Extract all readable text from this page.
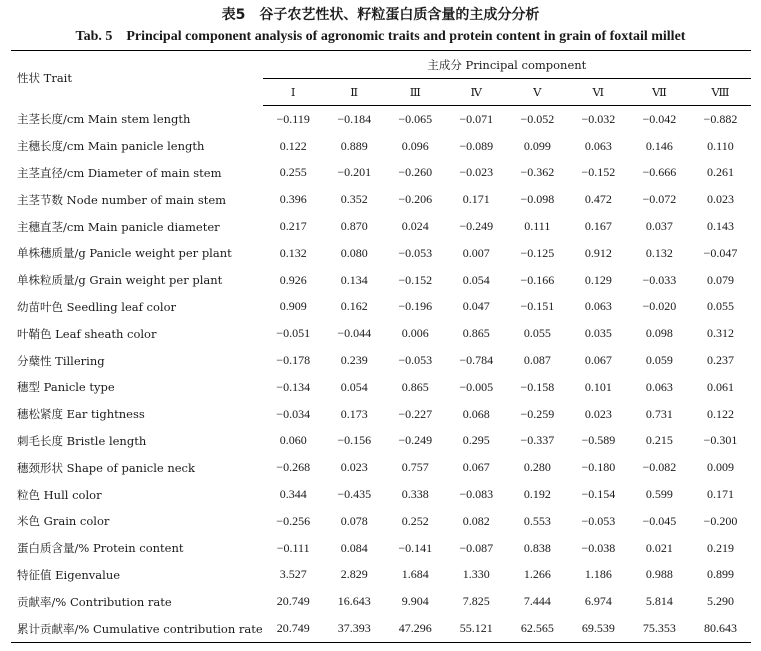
表5　谷子农艺性状、籽粒蛋白质含量的主成分分析
Tab. 5　Principal component analysis of agronomic traits and protein content in grain of foxtail millet
性状 Trait	主成分 Principal component							
	Ⅰ	Ⅱ	Ⅲ	Ⅳ	Ⅴ	Ⅵ	Ⅶ	Ⅷ
主茎长度/cm Main stem length	−0.119	−0.184	−0.065	−0.071	−0.052	−0.032	−0.042	−0.882
主穗长度/cm Main panicle length	0.122	0.889	0.096	−0.089	0.099	0.063	0.146	0.110
主茎直径/cm Diameter of main stem	0.255	−0.201	−0.260	−0.023	−0.362	−0.152	−0.666	0.261
主茎节数 Node number of main stem	0.396	0.352	−0.206	0.171	−0.098	0.472	−0.072	0.023
主穗直茎/cm Main panicle diameter	0.217	0.870	0.024	−0.249	0.111	0.167	0.037	0.143
单株穗质量/g Panicle weight per plant	0.132	0.080	−0.053	0.007	−0.125	0.912	0.132	−0.047
单株粒质量/g Grain weight per plant	0.926	0.134	−0.152	0.054	−0.166	0.129	−0.033	0.079
幼苗叶色 Seedling leaf color	0.909	0.162	−0.196	0.047	−0.151	0.063	−0.020	0.055
叶鞘色 Leaf sheath color	−0.051	−0.044	0.006	0.865	0.055	0.035	0.098	0.312
分蘖性 Tillering	−0.178	0.239	−0.053	−0.784	0.087	0.067	0.059	0.237
穗型 Panicle type	−0.134	0.054	0.865	−0.005	−0.158	0.101	0.063	0.061
穗松紧度 Ear tightness	−0.034	0.173	−0.227	0.068	−0.259	0.023	0.731	0.122
刺毛长度 Bristle length	0.060	−0.156	−0.249	0.295	−0.337	−0.589	0.215	−0.301
穗颈形状 Shape of panicle neck	−0.268	0.023	0.757	0.067	0.280	−0.180	−0.082	0.009
粒色 Hull color	0.344	−0.435	0.338	−0.083	0.192	−0.154	0.599	0.171
米色 Grain color	−0.256	0.078	0.252	0.082	0.553	−0.053	−0.045	−0.200
蛋白质含量/% Protein content	−0.111	0.084	−0.141	−0.087	0.838	−0.038	0.021	0.219
特征值 Eigenvalue	3.527	2.829	1.684	1.330	1.266	1.186	0.988	0.899
贡献率/% Contribution rate	20.749	16.643	9.904	7.825	7.444	6.974	5.814	5.290
累计贡献率/% Cumulative contribution rate	20.749	37.393	47.296	55.121	62.565	69.539	75.353	80.643
